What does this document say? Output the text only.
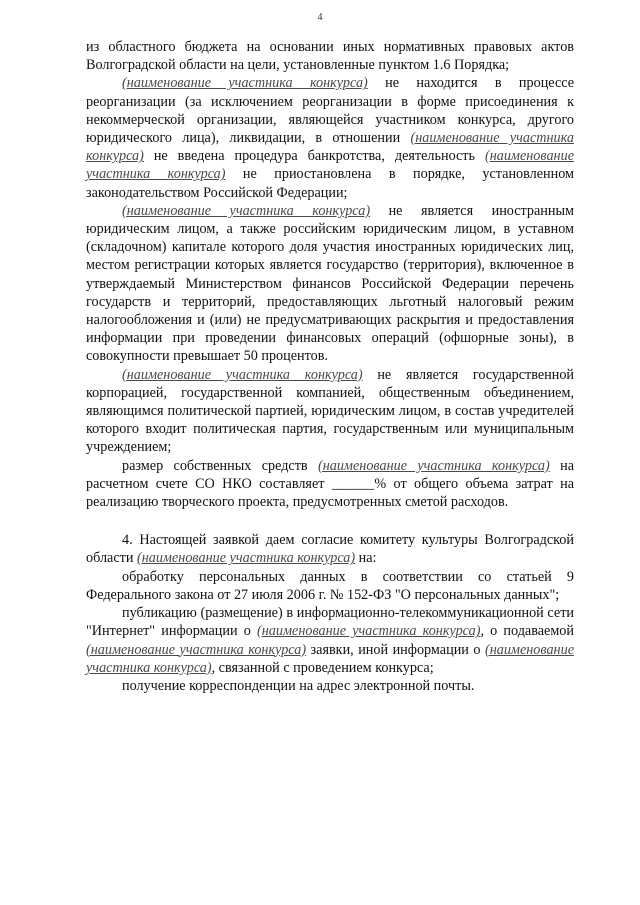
4

из областного бюджета на основании иных нормативных правовых актов Волгоградской области на цели, установленные пунктом 1.6 Порядка;

(наименование участника конкурса) не находится в процессе реорганизации (за исключением реорганизации в форме присоединения к некоммерческой организации, являющейся участником конкурса, другого юридического лица), ликвидации, в отношении (наименование участника конкурса) не введена процедура банкротства, деятельность (наименование участника конкурса) не приостановлена в порядке, установленном законодательством Российской Федерации;

(наименование участника конкурса) не является иностранным юридическим лицом, а также российским юридическим лицом, в уставном (складочном) капитале которого доля участия иностранных юридических лиц, местом регистрации которых является государство (территория), включенное в утверждаемый Министерством финансов Российской Федерации перечень государств и территорий, предоставляющих льготный налоговый режим налогообложения и (или) не предусматривающих раскрытия и предоставления информации при проведении финансовых операций (офшорные зоны), в совокупности превышает 50 процентов.

(наименование участника конкурса) не является государственной корпорацией, государственной компанией, общественным объединением, являющимся политической партией, юридическим лицом, в состав учредителей которого входит политическая партия, государственным или муниципальным учреждением;

размер собственных средств (наименование участника конкурса) на расчетном счете СО НКО составляет ______% от общего объема затрат на реализацию творческого проекта, предусмотренных сметой расходов.

4. Настоящей заявкой даем согласие комитету культуры Волгоградской области (наименование участника конкурса) на:

обработку персональных данных в соответствии со статьей 9 Федерального закона от 27 июля 2006 г. № 152-ФЗ "О персональных данных";

публикацию (размещение) в информационно-телекоммуникационной сети "Интернет" информации о (наименование участника конкурса), о подаваемой (наименование участника конкурса) заявки, иной информации о (наименование участника конкурса), связанной с проведением конкурса;

получение корреспонденции на адрес электронной почты.
